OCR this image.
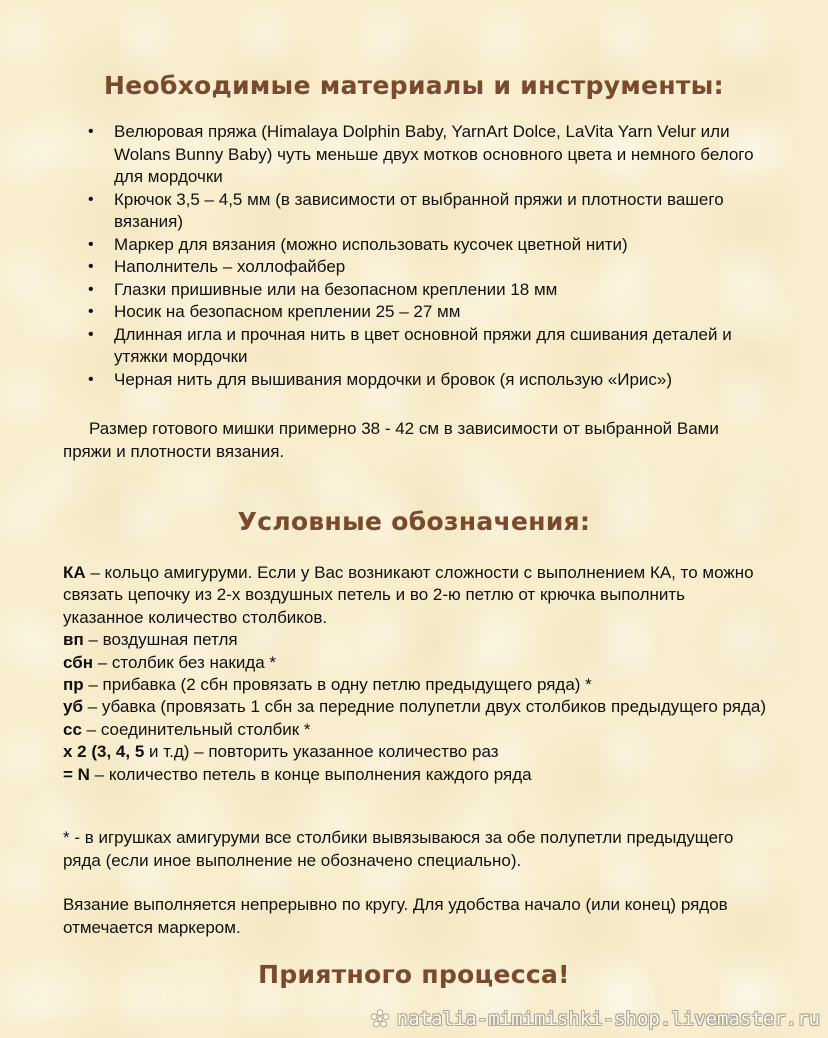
Необходимые материалы и инструменты:
•	Велюровая пряжа (Himalaya Dolphin Baby, YarnArt Dolce, LaVita Yarn Velur или Wolans Bunny Baby) чуть меньше двух мотков основного цвета и немного белого для мордочки
•	Крючок 3,5 – 4,5 мм (в зависимости от выбранной пряжи и плотности вашего вязания)
•	Маркер для вязания (можно использовать кусочек цветной нити)
•	Наполнитель – холлофайбер
•	Глазки пришивные или на безопасном креплении 18 мм
•	Носик на безопасном креплении 25 – 27 мм
•	Длинная игла и прочная нить в цвет основной пряжи для сшивания деталей и утяжки мордочки
•	Черная нить для вышивания мордочки и бровок (я использую «Ирис»)

Размер готового мишки примерно 38 - 42 см в зависимости от выбранной Вами пряжи и плотности вязания.

Условные обозначения:
КА – кольцо амигуруми. Если у Вас возникают сложности с выполнением КА, то можно связать цепочку из 2-х воздушных петель и во 2-ю петлю от крючка выполнить указанное количество столбиков.
вп – воздушная петля
сбн – столбик без накида *
пр – прибавка (2 сбн провязать в одну петлю предыдущего ряда) *
уб – убавка (провязать 1 сбн за передние полупетли двух столбиков предыдущего ряда)
сс – соединительный столбик *
х 2 (3, 4, 5 и т.д) – повторить указанное количество раз
= N – количество петель в конце выполнения каждого ряда

* - в игрушках амигуруми все столбики вывязываюся за обе полупетли предыдущего ряда (если иное выполнение не обозначено специально).

Вязание выполняется непрерывно по кругу. Для удобства начало (или конец) рядов отмечается маркером.

Приятного процесса!
natalia-mimimishki-shop.livemaster.ru
